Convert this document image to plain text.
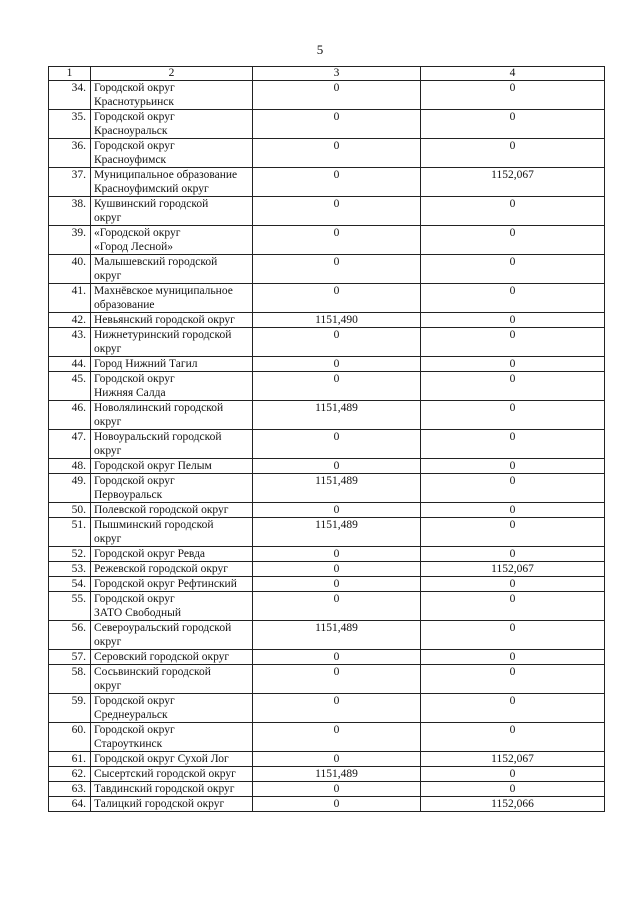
5
1	2	3	4
34.	Городской округ
Краснотурьинск	0	0
35.	Городской округ
Красноуральск	0	0
36.	Городской округ
Красноуфимск	0	0
37.	Муниципальное образование
Красноуфимский округ	0	1152,067
38.	Кушвинский городской
округ	0	0
39.	«Городской округ
«Город Лесной»	0	0
40.	Малышевский городской
округ	0	0
41.	Махнёвское муниципальное
образование	0	0
42.	Невьянский городской округ	1151,490	0
43.	Нижнетуринский городской
округ	0	0
44.	Город Нижний Тагил	0	0
45.	Городской округ
Нижняя Салда	0	0
46.	Новолялинский городской
округ	1151,489	0
47.	Новоуральский городской
округ	0	0
48.	Городской округ Пелым	0	0
49.	Городской округ
Первоуральск	1151,489	0
50.	Полевской городской округ	0	0
51.	Пышминский городской
округ	1151,489	0
52.	Городской округ Ревда	0	0
53.	Режевской городской округ	0	1152,067
54.	Городской округ Рефтинский	0	0
55.	Городской округ
ЗАТО Свободный	0	0
56.	Североуральский городской
округ	1151,489	0
57.	Серовский городской округ	0	0
58.	Сосьвинский городской
округ	0	0
59.	Городской округ
Среднеуральск	0	0
60.	Городской округ
Староуткинск	0	0
61.	Городской округ Сухой Лог	0	1152,067
62.	Сысертский городской округ	1151,489	0
63.	Тавдинский городской округ	0	0
64.	Талицкий городской округ	0	1152,066
